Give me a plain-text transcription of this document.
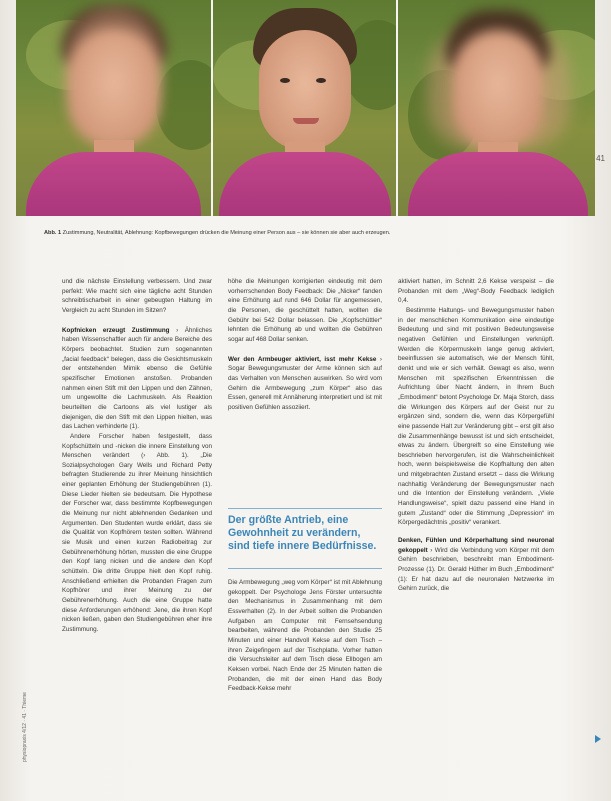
41
Abb. 1 Zustimmung, Neutralität, Ablehnung: Kopfbewegungen drücken die Meinung einer Person aus – sie können sie aber auch erzeugen.

und die nächste Einstellung verbessern. Und zwar perfekt: Wie macht sich eine tägliche acht Stunden schreibtischarbeit in einer gebeugten Haltung im Vergleich zu acht Stunden im Sitzen?

Kopfnicken erzeugt Zustimmung › Ähnliches haben Wissenschaftler auch für andere Bereiche des Körpers beobachtet. Studien zum sogenannten „facial feedback“ belegen, dass die Gesichtsmuskeln der entstehenden Mimik ebenso die Gefühle spezifischer Emotionen anstoßen. Probanden nahmen einen Stift mit den Lippen und den Zähnen, um ungewollte die Lachmuskeln. Als Reaktion beurteilten die Cartoons als viel lustiger als diejenigen, die den Stift mit den Lippen hielten, was das Lachen verhinderte (1).

Andere Forscher haben festgestellt, dass Kopfschütteln und -nicken die innere Einstellung von Menschen verändert (› Abb. 1). „Die Sozialpsychologen Gary Wells und Richard Petty befragten Studierende zu ihrer Meinung hinsichtlich einer geplanten Erhöhung der Studiengebühren (1). Diese Lieder hielten sie bedeutsam. Die Hypothese der Forscher war, dass bestimmte Kopfbewegungen die Meinung nur nicht ablehnenden Gedanken und Argumenten. Den Studenten wurde erklärt, dass sie die Qualität von Kopfhörern testen sollten. Während sie Musik und einen kurzen Radiobeitrag zur Gebührenerhöhung hörten, mussten die eine Gruppe den Kopf lang nicken und die andere den Kopf schütteln. Die dritte Gruppe hielt den Kopf ruhig. Anschließend erhielten die Probanden Fragen zum Kopfhörer und ihrer Meinung zu der Gebührenerhöhung. Auch die eine Gruppe hatte diese Anforderungen erhöhend: Jene, die ihren Kopf nicken ließen, gaben den Studiengebühren eher ihre Zustimmung.

höhe die Meinungen korrigierten eindeutig mit dem vorherrschenden Body Feedback: Die „Nicker“ fanden eine Erhöhung auf rund 646 Dollar für angemessen, die Personen, die geschüttelt hatten, wollten die Gebühr bei 542 Dollar belassen. Die „Kopfschüttler“ lehnten die Erhöhung ab und wollten die Gebühren sogar auf 468 Dollar senken.

Wer den Armbeuger aktiviert, isst mehr Kekse › Sogar Bewegungsmuster der Arme können sich auf das Verhalten von Menschen auswirken. So wird vom Gehirn die Armbewegung „zum Körper“ also das Essen, generell mit Annäherung interpretiert und ist mit positiven Gefühlen assoziiert.

Der größte Antrieb, eine Gewohnheit zu verändern, sind tiefe innere Bedürfnisse.

Die Armbewegung „weg vom Körper“ ist mit Ablehnung gekoppelt. Der Psychologe Jens Förster untersuchte den Mechanismus in Zusammenhang mit dem Essverhalten (2). In der Arbeit sollten die Probanden Aufgaben am Computer mit Fernsehsendung bearbeiten, während die Probanden den Studie 25 Minuten und einer Handvoll Kekse auf dem Tisch – ihren Zeigefingern auf der Tischplatte. Vorher hatten die Versuchsleiter auf dem Tisch diese Ellbogen am Keksen vorbei. Nach Ende der 25 Minuten hatten die Probanden, die mit der einen Hand das Body Feedback-Kekse mehr

aktiviert hatten, im Schnitt 2,6 Kekse verspeist – die Probanden mit dem „Weg“-Body Feedback lediglich 0,4.

Bestimmte Haltungs- und Bewegungsmuster haben in der menschlichen Kommunikation eine eindeutige Bedeutung und sind mit positiven Bedeutungsweise negativen Gefühlen und Einstellungen verknüpft. Werden die Körpermuskeln lange genug aktiviert, beeinflussen sie automatisch, wie der Mensch fühlt, denkt und wie er sich verhält. Gewagt es also, wenn Menschen mit spezifischen Erkenntnissen die Aufrichtung über Nacht ändern, in Ihrem Buch „Embodiment“ betont Psychologe Dr. Maja Storch, dass die Wirkungen des Körpers auf der Geist nur zu ergänzen sind, sondern die, wenn das Körpergefühl eine passende Halt zur Veränderung gibt – erst gilt also die Zusammenhänge bewusst ist und sich entscheidet, etwas zu ändern. Übergreift so eine Einstellung wie beschrieben hervorgerufen, ist die Wahrscheinlichkeit hoch, wenn beispielsweise die Kopfhaltung den alten und mitgebrachten Zustand ersetzt – dass die Wirkung nachhaltig Veränderung der Bewegungsmuster nach und die Intention der Einstellung verändern. „Viele Handlungsweise“, spielt dazu passend eine Hand in gutem „Zustand“ oder die Stimmung „Depression“ im Körpergedächtnis „positiv“ verankert.

Denken, Fühlen und Körperhaltung sind neuronal gekoppelt › Wird die Verbindung vom Körper mit dem Gehirn beschrieben, beschreibt man Embodiment-Prozesse (1). Dr. Gerald Hüther im Buch „Embodiment“ (1): Er hat dazu auf die neuronalen Netzwerke im Gehirn zurück, die

physiopraxis 4/12 · 41 · Thieme
